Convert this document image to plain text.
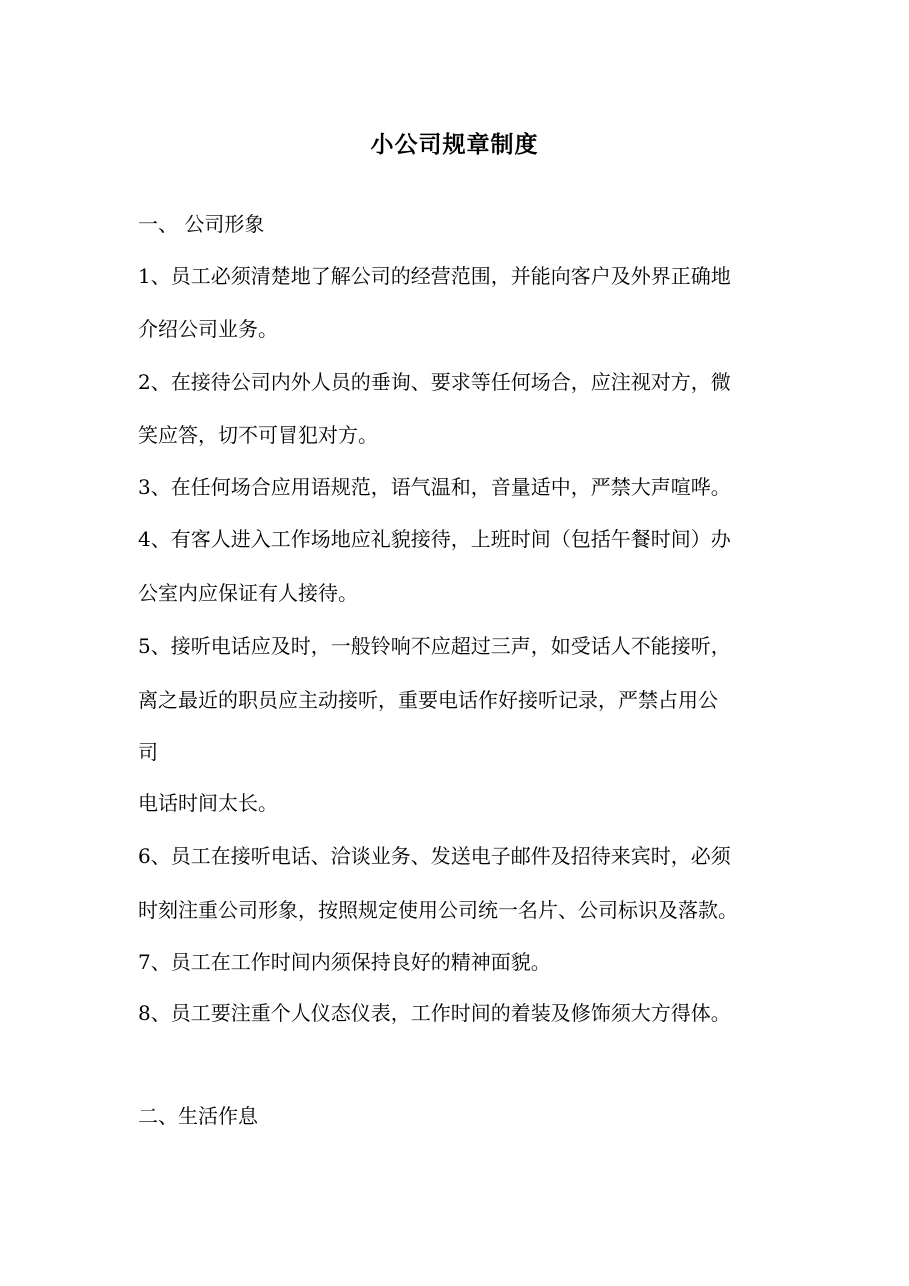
小公司规章制度
一、 公司形象
1、员工必须清楚地了解公司的经营范围，并能向客户及外界正确地
介绍公司业务。
2、在接待公司内外人员的垂询、要求等任何场合，应注视对方，微
笑应答，切不可冒犯对方。
3、在任何场合应用语规范，语气温和，音量适中，严禁大声喧哗。
4、有客人进入工作场地应礼貌接待，上班时间（包括午餐时间）办
公室内应保证有人接待。
5、接听电话应及时，一般铃响不应超过三声，如受话人不能接听，
离之最近的职员应主动接听，重要电话作好接听记录，严禁占用公
司
电话时间太长。
6、员工在接听电话、洽谈业务、发送电子邮件及招待来宾时，必须
时刻注重公司形象，按照规定使用公司统一名片、公司标识及落款。
7、员工在工作时间内须保持良好的精神面貌。
8、员工要注重个人仪态仪表，工作时间的着装及修饰须大方得体。
二、生活作息
